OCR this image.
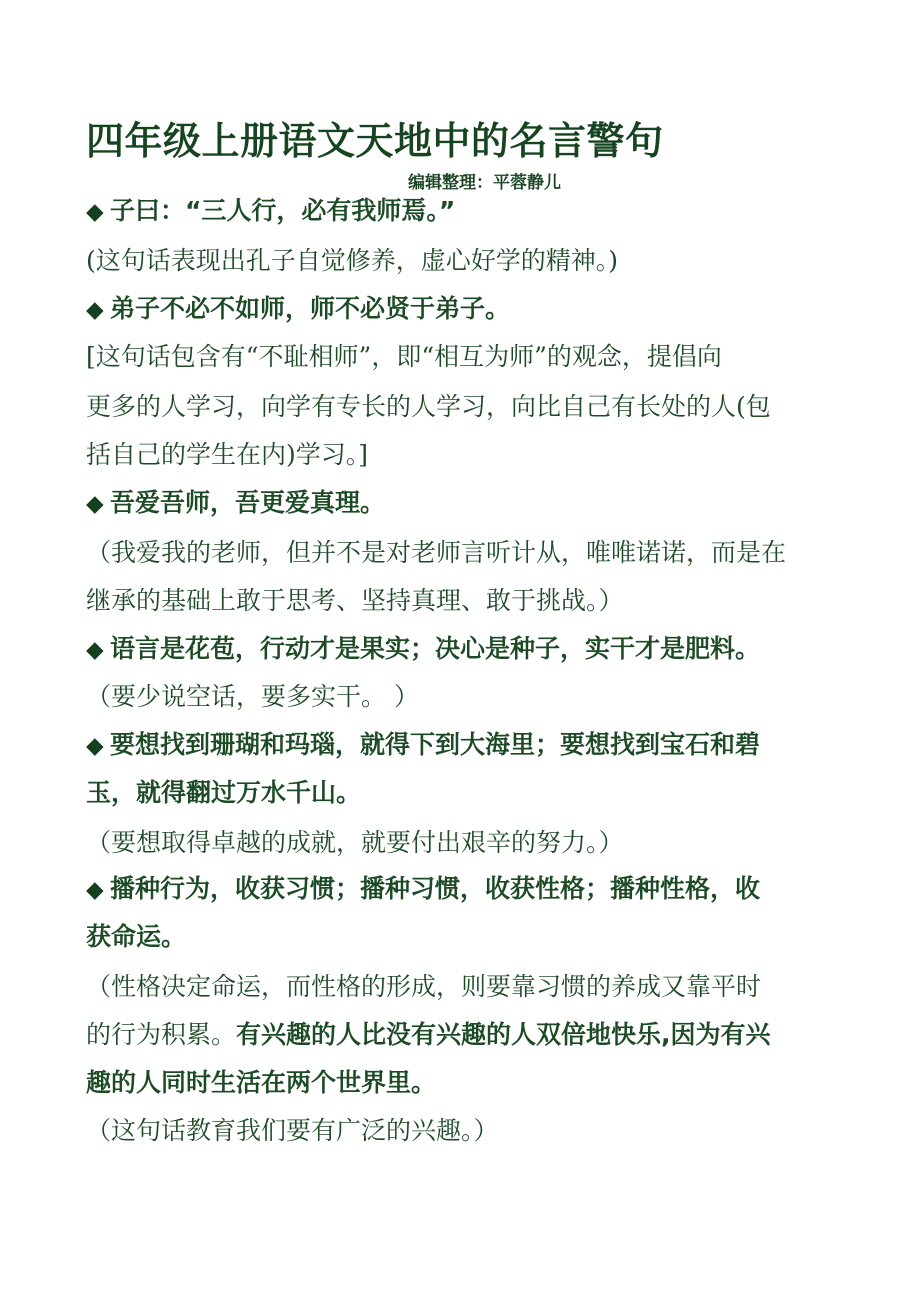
四年级上册语文天地中的名言警句
编辑整理：平蓉静儿
◆ 子曰：“三人行，必有我师焉。”
(这句话表现出孔子自觉修养，虚心好学的精神。)
◆ 弟子不必不如师，师不必贤于弟子。
[这句话包含有“不耻相师”，即“相互为师”的观念，提倡向
更多的人学习，向学有专长的人学习，向比自己有长处的人(包
括自己的学生在内)学习。]
◆ 吾爱吾师，吾更爱真理。
（我爱我的老师，但并不是对老师言听计从，唯唯诺诺，而是在
继承的基础上敢于思考、坚持真理、敢于挑战。）
◆ 语言是花苞，行动才是果实；决心是种子，实干才是肥料。
（要少说空话，要多实干。 ）
◆ 要想找到珊瑚和玛瑙，就得下到大海里；要想找到宝石和碧
玉，就得翻过万水千山。
（要想取得卓越的成就，就要付出艰辛的努力。）
◆ 播种行为，收获习惯；播种习惯，收获性格；播种性格，收
获命运。
（性格决定命运，而性格的形成，则要靠习惯的养成又靠平时
的行为积累。有兴趣的人比没有兴趣的人双倍地快乐,因为有兴
趣的人同时生活在两个世界里。
（这句话教育我们要有广泛的兴趣。）
